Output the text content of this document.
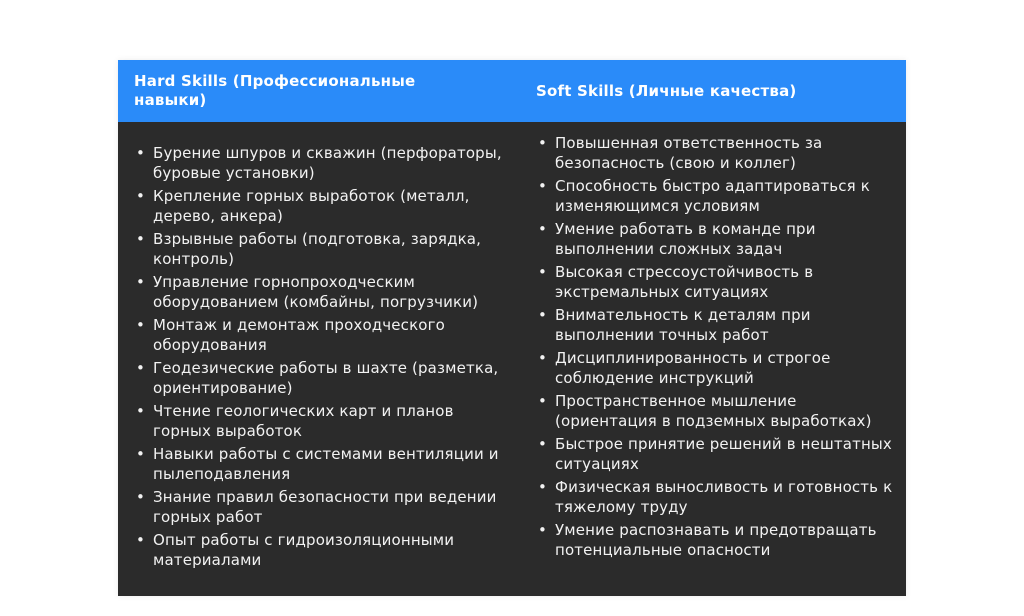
Hard Skills (Профессиональные навыки)
Soft Skills (Личные качества)
• Бурение шпуров и скважин (перфораторы, буровые установки)
• Крепление горных выработок (металл, дерево, анкера)
• Взрывные работы (подготовка, зарядка, контроль)
• Управление горнопроходческим оборудованием (комбайны, погрузчики)
• Монтаж и демонтаж проходческого оборудования
• Геодезические работы в шахте (разметка, ориентирование)
• Чтение геологических карт и планов горных выработок
• Навыки работы с системами вентиляции и пылеподавления
• Знание правил безопасности при ведении горных работ
• Опыт работы с гидроизоляционными материалами
• Повышенная ответственность за безопасность (свою и коллег)
• Способность быстро адаптироваться к изменяющимся условиям
• Умение работать в команде при выполнении сложных задач
• Высокая стрессоустойчивость в экстремальных ситуациях
• Внимательность к деталям при выполнении точных работ
• Дисциплинированность и строгое соблюдение инструкций
• Пространственное мышление (ориентация в подземных выработках)
• Быстрое принятие решений в нештатных ситуациях
• Физическая выносливость и готовность к тяжелому труду
• Умение распознавать и предотвращать потенциальные опасности
